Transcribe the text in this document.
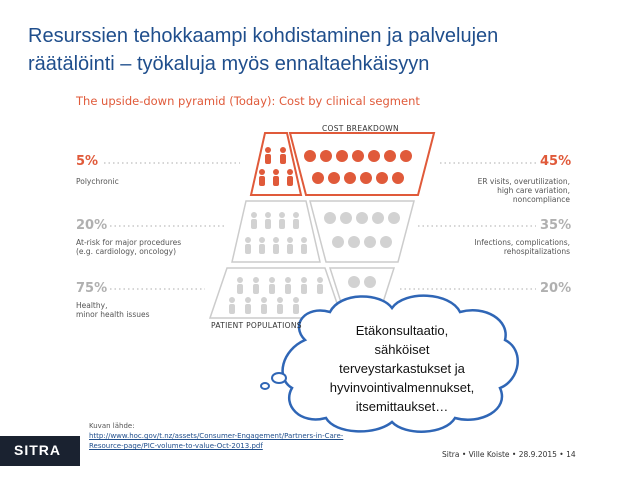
Resurssien tehokkaampi kohdistaminen ja palvelujen
räätälöinti – työkaluja myös ennaltaehkäisyyn
The upside-down pyramid (Today): Cost by clinical segment
COST BREAKDOWN
PATIENT POPULATIONS
5%
Polychronic
20%
At-risk for major procedures
(e.g. cardiology, oncology)
75%
Healthy,
minor health issues
45%
ER visits, overutilization,
high care variation,
noncompliance
35%
Infections, complications,
rehospitalizations
20%
Etäkonsultaatio,
sähköiset
terveystarkastukset ja
hyvinvointivalmennukset,
itsemittaukset…
SITRA
Kuvan lähde:
http://www.hoc.gov/t.nz/assets/Consumer-Engagement/Partners-in-Care-
Resource-page/PIC-volume-to-value-Oct-2013.pdf
Sitra • Ville Koiste • 28.9.2015 • 14
